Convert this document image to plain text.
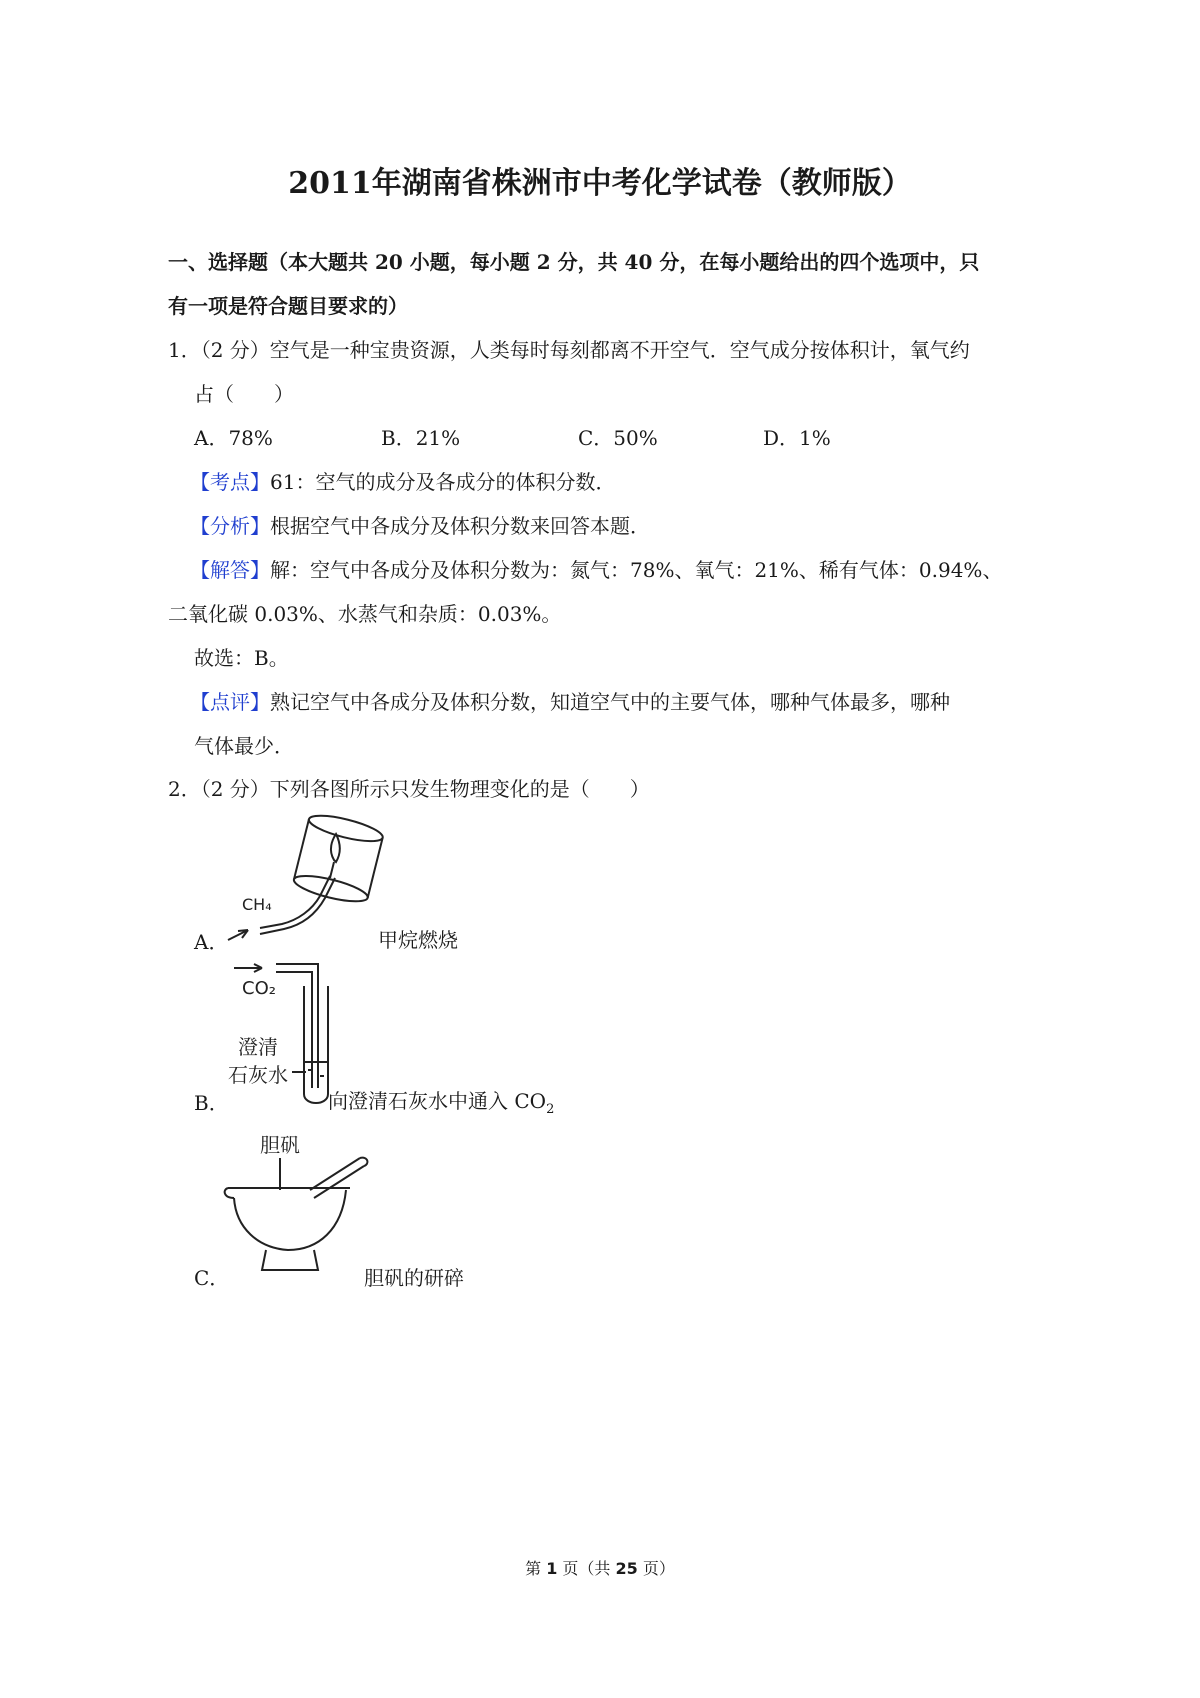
2011年湖南省株洲市中考化学试卷（教师版）
一、选择题（本大题共 20 小题，每小题 2 分，共 40 分，在每小题给出的四个选项中，只
有一项是符合题目要求的）
1．（2 分）空气是一种宝贵资源，人类每时每刻都离不开空气．空气成分按体积计，氧气约
占（　　）
A．78%	B．21%	C．50%	D．1%
【考点】61：空气的成分及各成分的体积分数．
【分析】根据空气中各成分及体积分数来回答本题．
【解答】解：空气中各成分及体积分数为：氮气：78%、氧气：21%、稀有气体：0.94%、
二氧化碳 0.03%、水蒸气和杂质：0.03%。
故选：B。
【点评】熟记空气中各成分及体积分数，知道空气中的主要气体，哪种气体最多，哪种
气体最少．
2．（2 分）下列各图所示只发生物理变化的是（　　）
A．
CH₄
甲烷燃烧
B．
CO₂
澄清
石灰水
向澄清石灰水中通入 $CO_2$
C．
胆矾
胆矾的研碎
第 1 页（共 25 页）
